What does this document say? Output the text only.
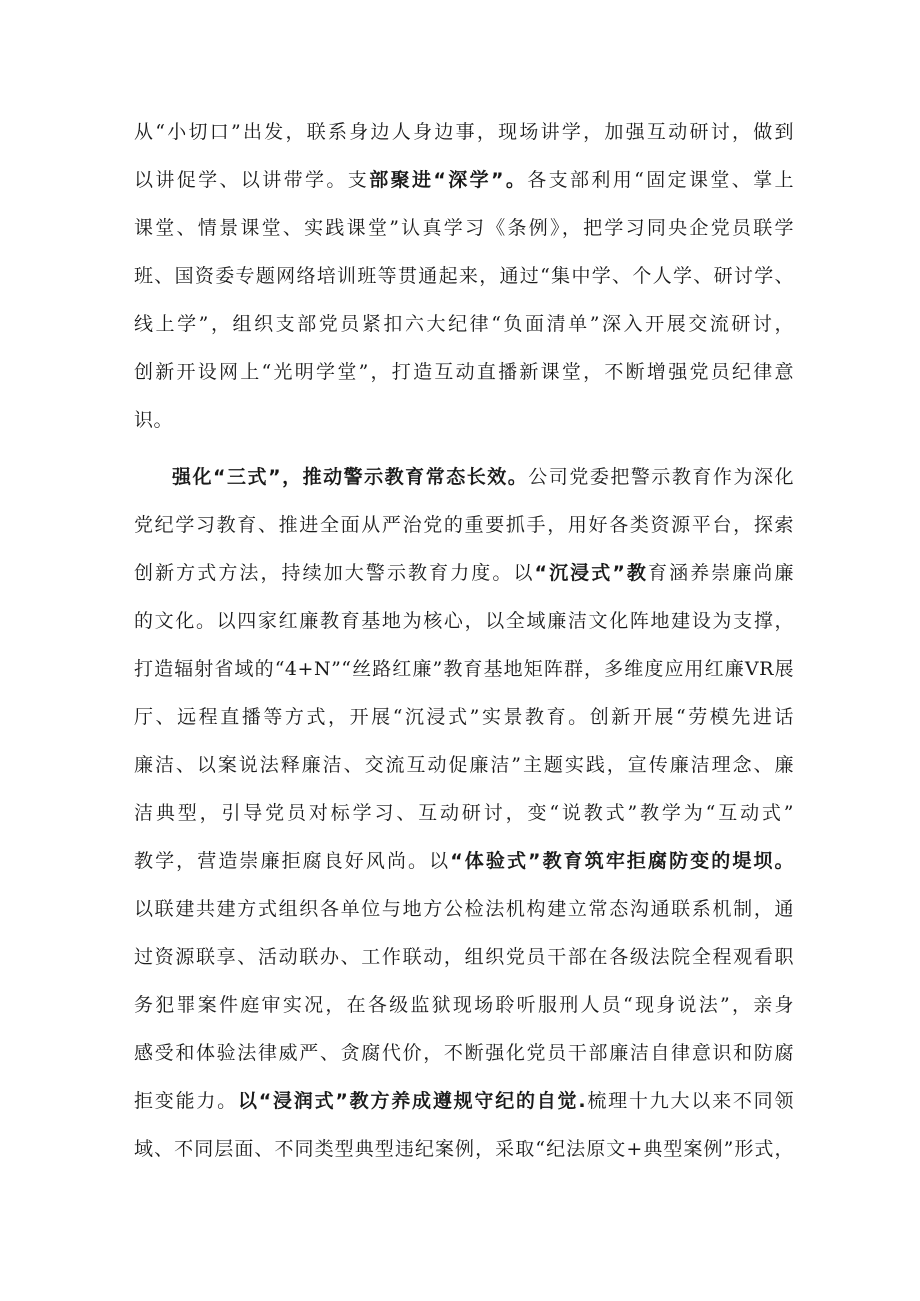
从“小切口”出发，联系身边人身边事，现场讲学，加强互动研讨，做到
以讲促学、以讲带学。支部聚进“深学”。各支部利用“固定课堂、掌上
课堂、情景课堂、实践课堂”认真学习《条例》，把学习同央企党员联学
班、国资委专题网络培训班等贯通起来，通过“集中学、个人学、研讨学、
线上学”，组织支部党员紧扣六大纪律“负面清单”深入开展交流研讨，
创新开设网上“光明学堂”，打造互动直播新课堂，不断增强党员纪律意
识。
强化“三式”，推动警示教育常态长效。公司党委把警示教育作为深化
党纪学习教育、推进全面从严治党的重要抓手，用好各类资源平台，探索
创新方式方法，持续加大警示教育力度。以“沉浸式”教育涵养崇廉尚廉
的文化。以四家红廉教育基地为核心，以全域廉洁文化阵地建设为支撑，
打造辐射省域的“4+N”“丝路红廉”教育基地矩阵群，多维度应用红廉VR展
厅、远程直播等方式，开展“沉浸式”实景教育。创新开展“劳模先进话
廉洁、以案说法释廉洁、交流互动促廉洁”主题实践，宣传廉洁理念、廉
洁典型，引导党员对标学习、互动研讨，变“说教式”教学为“互动式”
教学，营造崇廉拒腐良好风尚。以“体验式”教育筑牢拒腐防变的堤坝。
以联建共建方式组织各单位与地方公检法机构建立常态沟通联系机制，通
过资源联享、活动联办、工作联动，组织党员干部在各级法院全程观看职
务犯罪案件庭审实况，在各级监狱现场聆听服刑人员“现身说法”，亲身
感受和体验法律威严、贪腐代价，不断强化党员干部廉洁自律意识和防腐
拒变能力。以“浸润式”教方养成遵规守纪的自觉.梳理十九大以来不同领
域、不同层面、不同类型典型违纪案例，采取“纪法原文+典型案例”形式，
